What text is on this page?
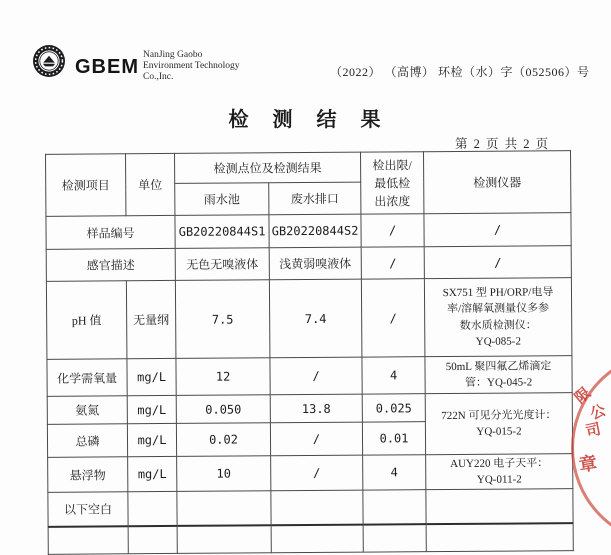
GBEM
NanJing Gaobo
Environment Technology
Co.,Inc.	（2022） （高博） 环检（水）字（052506）号
检测结果
第 2 页 共 2 页
检测项目	单位	检测点位及检测结果		检出限/
最低检
出浓度	检测仪器
		雨水池	废水排口		
样品编号		GB20220844S1	GB20220844S2	/	/
感官描述		无色无嗅液体	浅黄弱嗅液体	/	/
pH 值	无量纲	7.5	7.4	/	SX751 型 PH/ORP/电导
率/溶解氧测量仪多参
数水质检测仪：
YQ-085-2
化学需氧量	mg/L	12	/	4	50mL 聚四氟乙烯滴定
管：YQ-045-2
氨氮	mg/L	0.050	13.8	0.025	722N 可见分光光度计：
YQ-015-2
总磷	mg/L	0.02	/	0.01	
悬浮物	mg/L	10	/	4	AUY220 电子天平：
YQ-011-2
以下空白					

限
公
司
章
